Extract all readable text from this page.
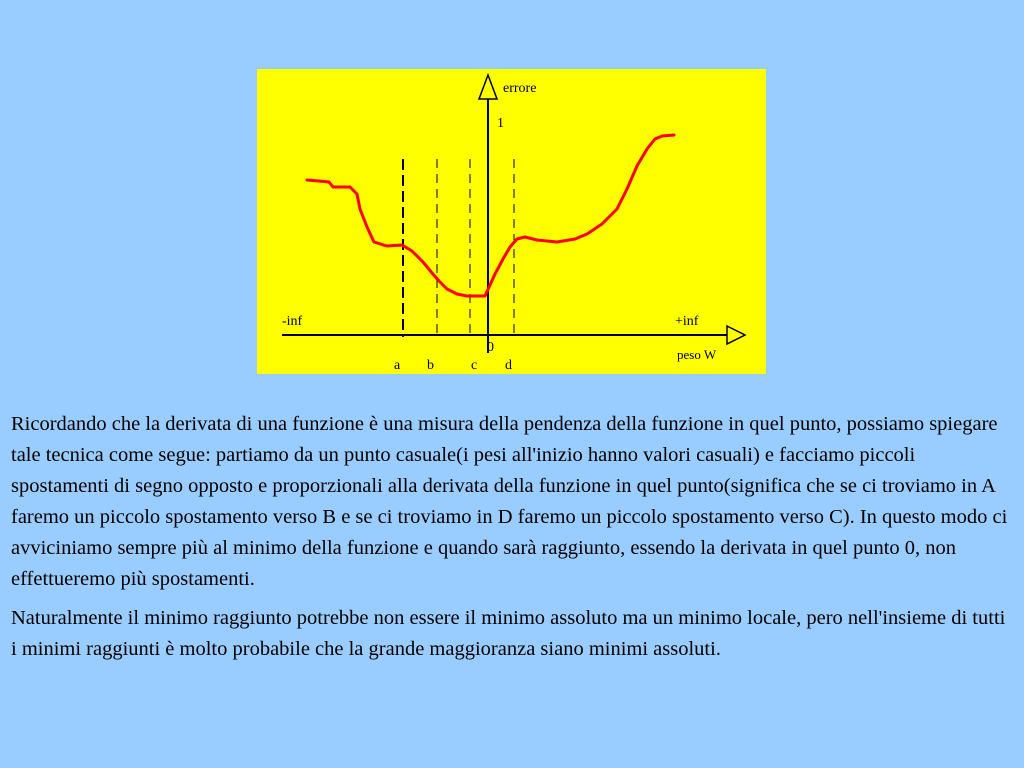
errore
1
-inf	+inf
peso W
0
a b	c d

Ricordando che la derivata di una funzione è una misura della pendenza della funzione in quel punto, possiamo spiegare tale tecnica come segue: partiamo da un punto casuale(i pesi all'inizio hanno valori casuali) e facciamo piccoli spostamenti di segno opposto e proporzionali alla derivata della funzione in quel punto(significa che se ci troviamo in A faremo un piccolo spostamento verso B e se ci troviamo in D faremo un piccolo spostamento verso C). In questo modo ci avviciniamo sempre più al minimo della funzione e quando sarà raggiunto, essendo la derivata in quel punto 0, non effettueremo più spostamenti.

Naturalmente il minimo raggiunto potrebbe non essere il minimo assoluto ma un minimo locale, pero nell'insieme di tutti i minimi raggiunti è molto probabile che la grande maggioranza siano minimi assoluti.
